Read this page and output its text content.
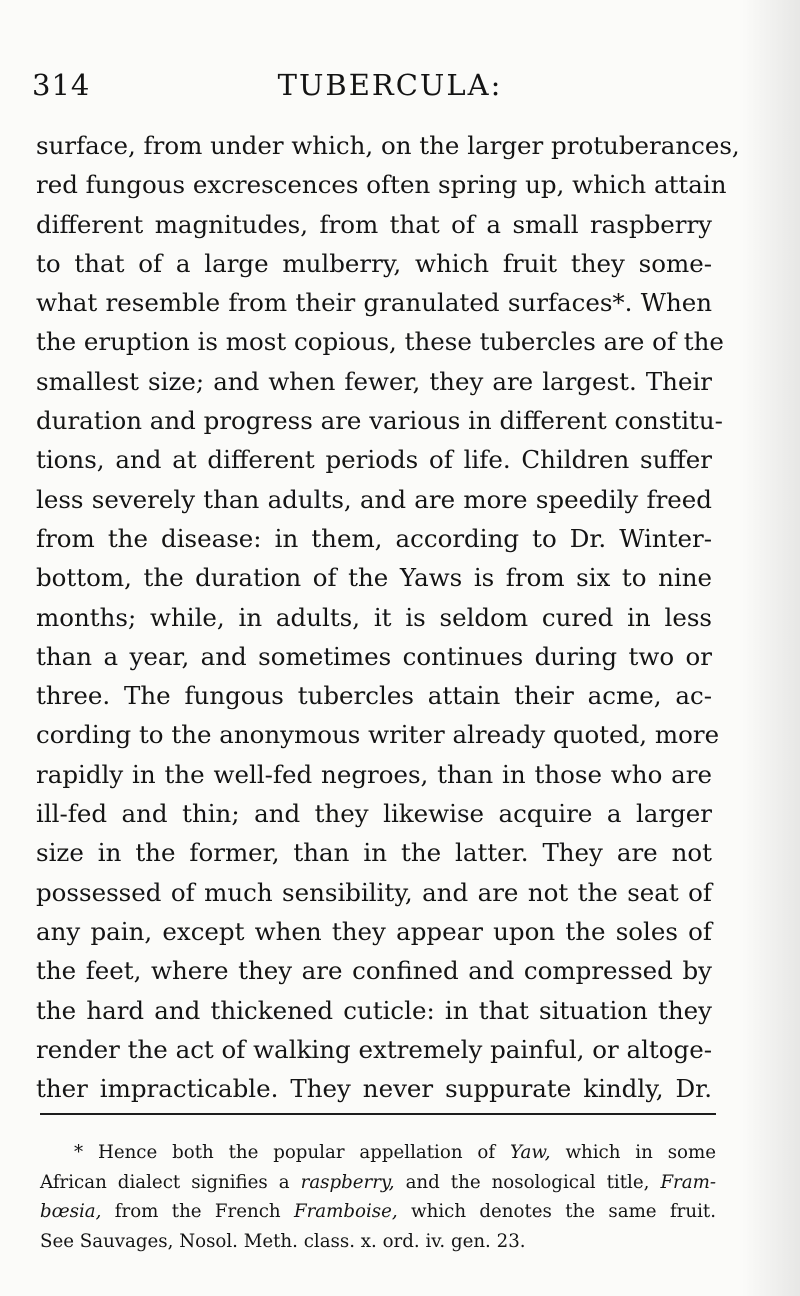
314	TUBERCULA:
surface, from under which, on the larger protuberances,
red fungous excrescences often spring up, which attain
different magnitudes, from that of a small raspberry
to that of a large mulberry, which fruit they some-
what resemble from their granulated surfaces*. When
the eruption is most copious, these tubercles are of the
smallest size; and when fewer, they are largest. Their
duration and progress are various in different constitu-
tions, and at different periods of life. Children suffer
less severely than adults, and are more speedily freed
from the disease: in them, according to Dr. Winter-
bottom, the duration of the Yaws is from six to nine
months; while, in adults, it is seldom cured in less
than a year, and sometimes continues during two or
three. The fungous tubercles attain their acme, ac-
cording to the anonymous writer already quoted, more
rapidly in the well-fed negroes, than in those who are
ill-fed and thin; and they likewise acquire a larger
size in the former, than in the latter. They are not
possessed of much sensibility, and are not the seat of
any pain, except when they appear upon the soles of
the feet, where they are confined and compressed by
the hard and thickened cuticle: in that situation they
render the act of walking extremely painful, or altoge-
ther impracticable. They never suppurate kindly, Dr.
* Hence both the popular appellation of Yaw, which in some
African dialect signifies a raspberry, and the nosological title, Fram-
bœsia, from the French Framboise, which denotes the same fruit.
See Sauvages, Nosol. Meth. class. x. ord. iv. gen. 23.
